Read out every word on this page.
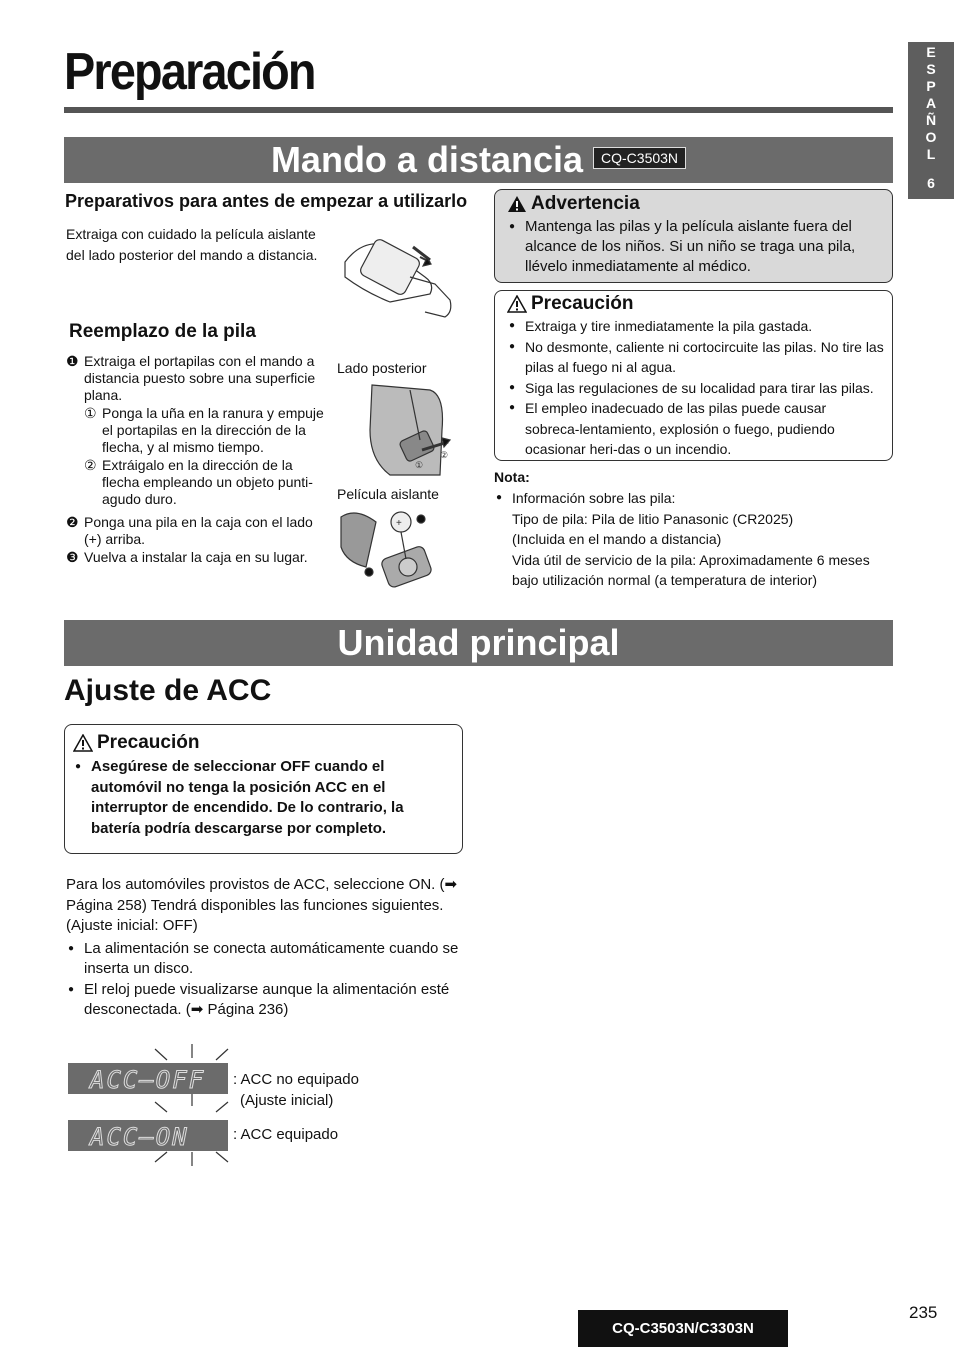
Preparación	E
S
P
A
Ñ
O
L
6
Mando a distancia CQ-C3503N
Preparativos para antes de empezar a utilizarlo
Extraiga con cuidado la película aislante del lado posterior del mando a distancia.
Reemplazo de la pila
❶ Extraiga el portapilas con el mando a distancia puesto sobre una superficie plana.
① Ponga la uña en la ranura y empuje el portapilas en la dirección de la flecha, y al mismo tiempo.
② Extráigalo en la dirección de la flecha empleando un objeto punti-agudo duro.
❷ Ponga una pila en la caja con el lado (+) arriba.
❸ Vuelva a instalar la caja en su lugar.
Lado posterior
①
②
Película aislante
+
Advertencia
● Mantenga las pilas y la película aislante fuera del alcance de los niños. Si un niño se traga una pila, llévelo inmediatamente al médico.
Precaución
● Extraiga y tire inmediatamente la pila gastada.
● No desmonte, caliente ni cortocircuite las pilas. No tire las pilas al fuego ni al agua.
● Siga las regulaciones de su localidad para tirar las pilas.
● El empleo inadecuado de las pilas puede causar sobreca-lentamiento, explosión o fuego, pudiendo ocasionar heri-das o un incendio.
Nota:
● Información sobre las pila:
Tipo de pila: Pila de litio Panasonic (CR2025)
(Incluida en el mando a distancia)
Vida útil de servicio de la pila: Aproximadamente 6 meses
bajo utilización normal (a temperatura de interior)
Unidad principal
Ajuste de ACC
Precaución
● Asegúrese de seleccionar OFF cuando el automóvil no tenga la posición ACC en el interruptor de encendido. De lo contrario, la batería podría descargarse por completo.
Para los automóviles provistos de ACC, seleccione ON. (➡ Página 258) Tendrá disponibles las funciones siguientes. (Ajuste inicial: OFF)
● La alimentación se conecta automáticamente cuando se inserta un disco.
● El reloj puede visualizarse aunque la alimentación esté desconectada. (➡ Página 236)
ACC—OFF
ACC—ON
: ACC no equipado
(Ajuste inicial)
: ACC equipado
235
CQ-C3503N/C3303N
